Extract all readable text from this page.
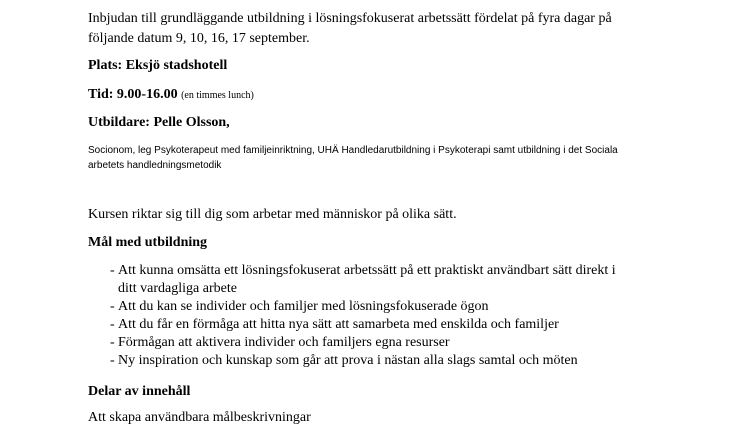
Inbjudan till grundläggande utbildning i lösningsfokuserat arbetssätt fördelat på fyra dagar på

följande datum 9, 10, 16, 17 september.

Plats: Eksjö stadshotell

Tid: 9.00-16.00 (en timmes lunch)

Utbildare: Pelle Olsson,

Socionom, leg Psykoterapeut med familjeinriktning, UHÄ Handledarutbildning i Psykoterapi samt utbildning i det Sociala

arbetets handledningsmetodik

Kursen riktar sig till dig som arbetar med människor på olika sätt.

Mål med utbildning

- Att kunna omsätta ett lösningsfokuserat arbetssätt på ett praktiskt användbart sätt direkt i
ditt vardagliga arbete
- Att du kan se individer och familjer med lösningsfokuserade ögon
- Att du får en förmåga att hitta nya sätt att samarbeta med enskilda och familjer
- Förmågan att aktivera individer och familjers egna resurser
- Ny inspiration och kunskap som går att prova i nästan alla slags samtal och möten

Delar av innehåll

Att skapa användbara målbeskrivningar
